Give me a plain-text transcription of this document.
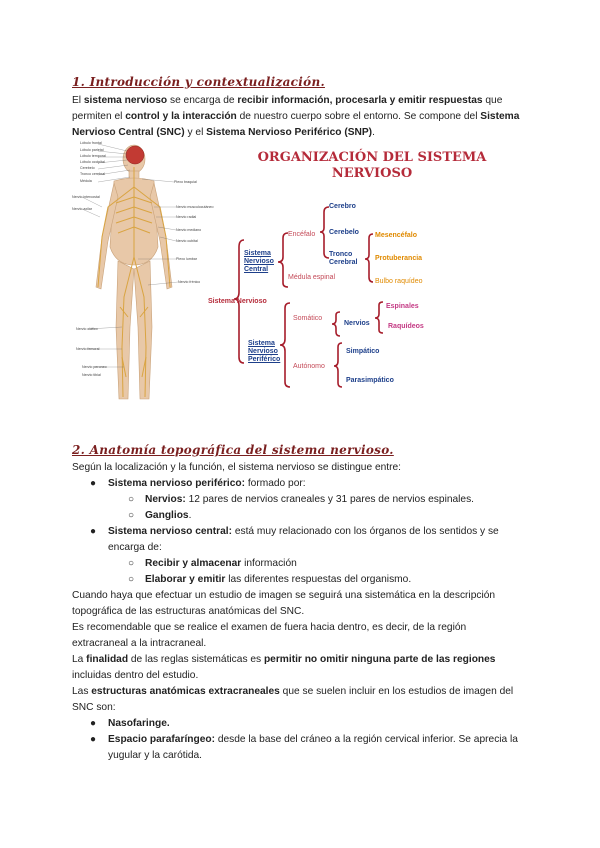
1. Introducción y contextualización.
El sistema nervioso se encarga de recibir información, procesarla y emitir respuestas que permiten el control y la interacción de nuestro cuerpo sobre el entorno. Se compone del Sistema Nervioso Central (SNC) y el Sistema Nervioso Periférico (SNP).
Lóbulo frontal
Lóbulo parietal
Lóbulo temporal
Lóbulo occipital
Cerebelo
Tronco cerebral
Médula	Plexo braquial
Nervio musculocutáneo
Nervio radial
Nervio mediano
Nervio cubital
Plexo lumbar
Nervio intercostal
Nervio axilar
Nervio frénico
Nervio ciático
Nervio femoral
Nervio peroneo
Nervio tibial
ORGANIZACIÓN DEL SISTEMA
NERVIOSO
Sistema Nervioso
Sistema Nervioso Central
Encéfalo
Médula espinal
Cerebro
Cerebelo
Tronco Cerebral
Mesencéfalo
Protuberancia
Bulbo raquídeo
Sistema Nervioso Periférico
Somático
Autónomo
Nervios
Espinales
Raquídeos
Simpático
Parasimpático
2. Anatomía topográfica del sistema nervioso.
Según la localización y la función, el sistema nervioso se distingue entre:
● Sistema nervioso periférico: formado por:
○ Nervios: 12 pares de nervios craneales y 31 pares de nervios espinales.
○ Ganglios.
● Sistema nervioso central: está muy relacionado con los órganos de los sentidos y se
encarga de:
○ Recibir y almacenar información
○ Elaborar y emitir las diferentes respuestas del organismo.
Cuando haya que efectuar un estudio de imagen se seguirá una sistemática en la descripción
topográfica de las estructuras anatómicas del SNC.
Es recomendable que se realice el examen de fuera hacia dentro, es decir, de la región
extracraneal a la intracraneal.
La finalidad de las reglas sistemáticas es permitir no omitir ninguna parte de las regiones
incluidas dentro del estudio.
Las estructuras anatómicas extracraneales que se suelen incluir en los estudios de imagen del
SNC son:
● Nasofaringe.
● Espacio parafaríngeo: desde la base del cráneo a la región cervical inferior. Se aprecia la
yugular y la carótida.
